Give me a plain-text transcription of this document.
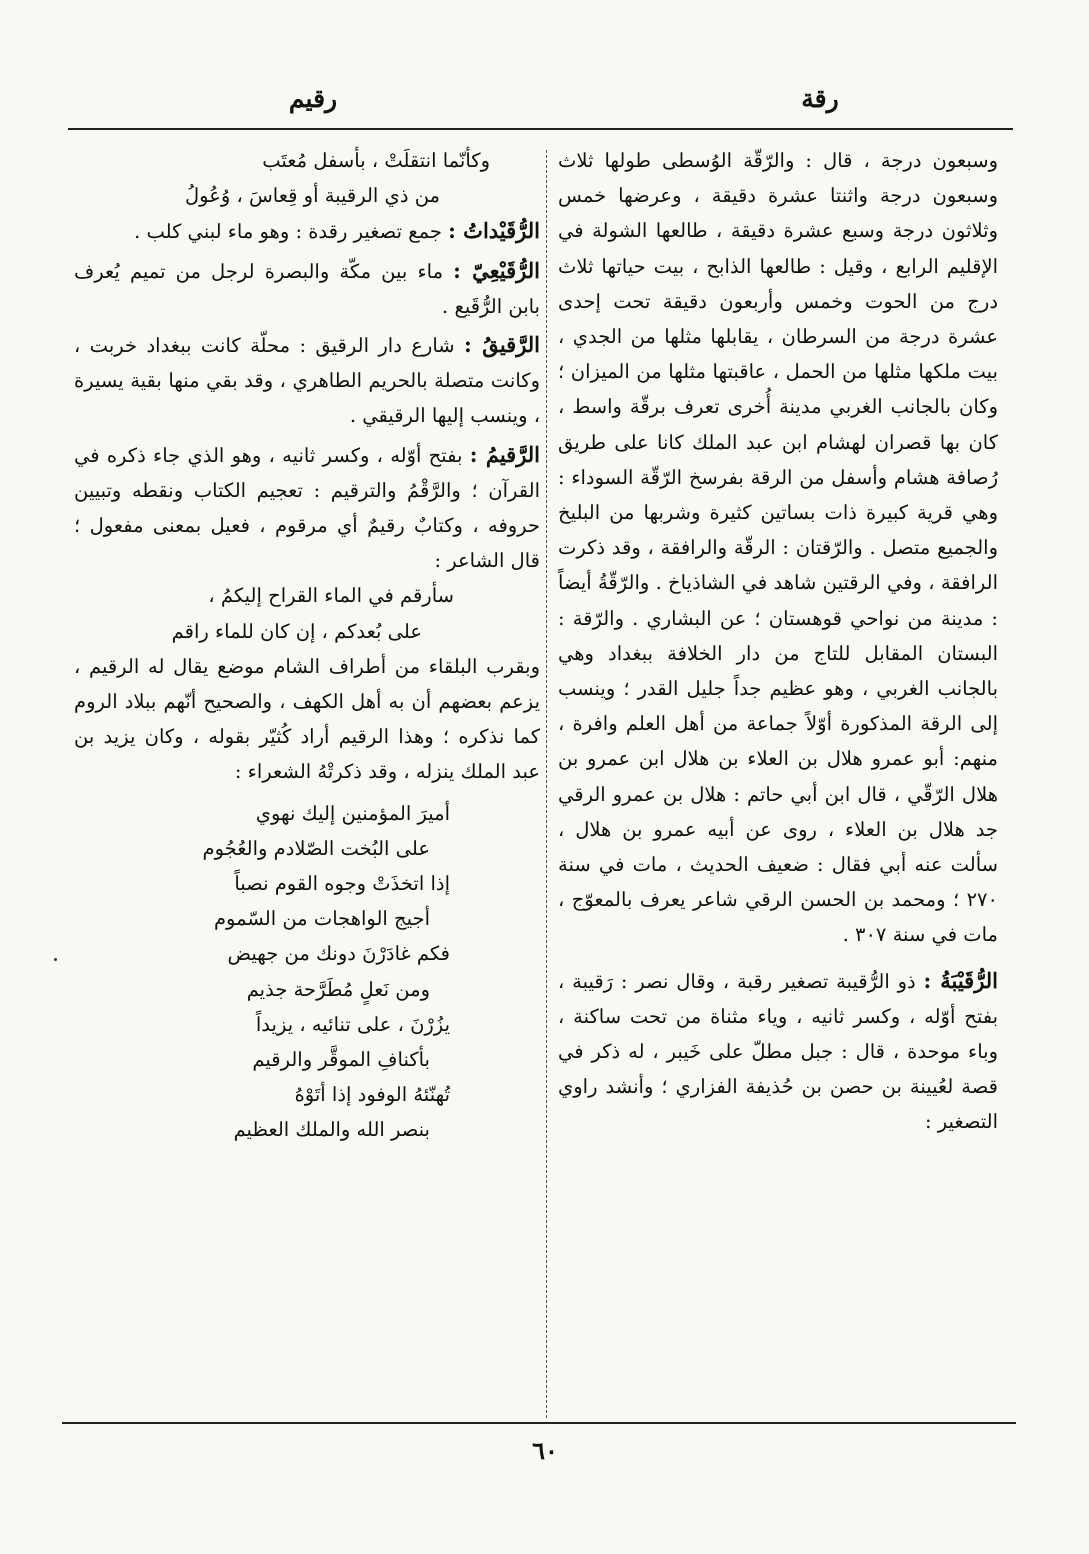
رقيم	رقة

وسبعون درجة ، قال : والرّقّة الوُسطى طولها ثلاث وسبعون درجة واثنتا عشرة دقيقة ، وعرضها خمس وثلاثون درجة وسبع عشرة دقيقة ، طالعها الشولة في الإقليم الرابع ، وقيل : طالعها الذابح ، بيت حياتها ثلاث درج من الحوت وخمس وأربعون دقيقة تحت إحدى عشرة درجة من السرطان ، يقابلها مثلها من الجدي ، بيت ملكها مثلها من الحمل ، عاقبتها مثلها من الميزان ؛ وكان بالجانب الغربي مدينة أُخرى تعرف برقّة واسط ، كان بها قصران لهشام ابن عبد الملك كانا على طريق رُصافة هشام وأسفل من الرقة بفرسخ الرّقّة السوداء : وهي قرية كبيرة ذات بساتين كثيرة وشربها من البليخ والجميع متصل . والرّقتان : الرقّة والرافقة ، وقد ذكرت الرافقة ، وفي الرقتين شاهد في الشاذياخ . والرّقّةُ أيضاً : مدينة من نواحي قوهستان ؛ عن البشاري . والرّقة : البستان المقابل للتاج من دار الخلافة ببغداد وهي بالجانب الغربي ، وهو عظيم جداً جليل القدر ؛ وينسب إلى الرقة المذكورة أوّلاً جماعة من أهل العلم وافرة ، منهم: أبو عمرو هلال بن العلاء بن هلال ابن عمرو بن هلال الرّقّي ، قال ابن أبي حاتم : هلال بن عمرو الرقي جد هلال بن العلاء ، روى عن أبيه عمرو بن هلال ، سألت عنه أبي فقال : ضعيف الحديث ، مات في سنة ٢٧٠ ؛ ومحمد بن الحسن الرقي شاعر يعرف بالمعوّج ، مات في سنة ٣٠٧ .

الرُّقَيْبَةُ : ذو الرُّقيبة تصغير رقبة ، وقال نصر : رَقيبة ، بفتح أوّله ، وكسر ثانيه ، وياء مثناة من تحت ساكنة ، وباء موحدة ، قال : جبل مطلّ على خَيبر ، له ذكر في قصة لعُيينة بن حصن بن حُذيفة الفزاري ؛ وأنشد راوي التصغير :

وكأنّما انتقلَتْ ، بأسفل مُعتَب

من ذي الرقيبة أو قِعاسَ ، وُعُولُ

الرُّقَيْداتُ : جمع تصغير رقدة : وهو ماء لبني كلب .

الرُّقَيْعِيّ : ماء بين مكّة والبصرة لرجل من تميم يُعرف بابن الرُّقَيع .

الرَّقيقُ : شارع دار الرقيق : محلّة كانت ببغداد خربت ، وكانت متصلة بالحريم الطاهري ، وقد بقي منها بقية يسيرة ، وينسب إليها الرقيقي .

الرَّقيمُ : بفتح أوّله ، وكسر ثانيه ، وهو الذي جاء ذكره في القرآن ؛ والرَّقْمُ والترقيم : تعجيم الكتاب ونقطه وتبيين حروفه ، وكتابٌ رقيمٌ أي مرقوم ، فعيل بمعنى مفعول ؛ قال الشاعر :

سأرقم في الماء القراح إليكمُ ،

على بُعدكم ، إن كان للماء راقم

وبقرب البلقاء من أطراف الشام موضع يقال له الرقيم ، يزعم بعضهم أن به أهل الكهف ، والصحيح أنّهم ببلاد الروم كما نذكره ؛ وهذا الرقيم أراد كُثيّر بقوله ، وكان يزيد بن عبد الملك ينزله ، وقد ذكرتْهُ الشعراء :

أميرَ المؤمنين إليك نهوي

على البُخت الصّلادم والعُجُوم

إذا اتخذَتْ وجوه القوم نصباً

أجيج الواهجات من السّموم

فكم غادَرْنَ دونك من جهيض

ومن نَعلٍ مُطَرَّحة جذيم

يزُرْنَ ، على تنائيه ، يزيداً

بأكنافِ الموقَّر والرقيم

تُهنّئهُ الوفود إذا أتَوْهُ

بنصر الله والملك العظيم

٦٠
